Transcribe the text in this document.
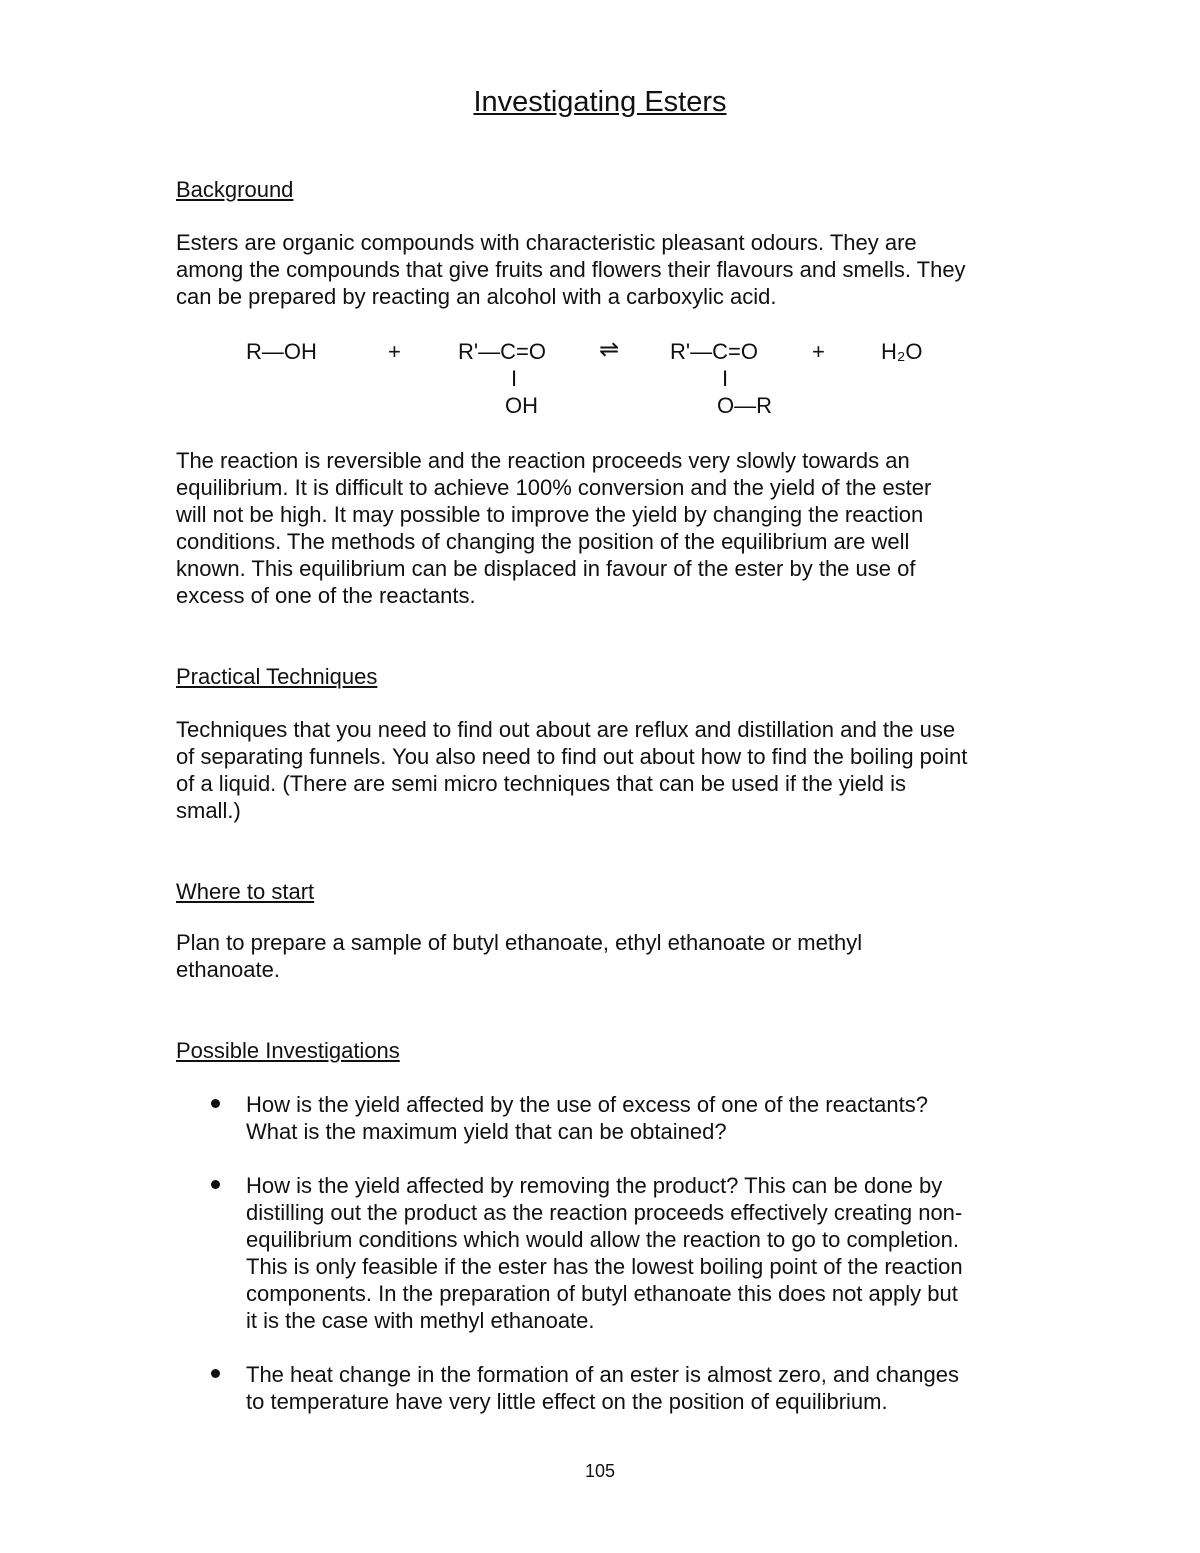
Investigating Esters
Background
Esters are organic compounds with characteristic pleasant odours. They are
among the compounds that give fruits and flowers their flavours and smells. They
can be prepared by reacting an alcohol with a carboxylic acid.
R—OH	+	R'—C=O
I
OH
⇌ R'—C=O
I
O—R
+	H₂O
The reaction is reversible and the reaction proceeds very slowly towards an
equilibrium. It is difficult to achieve 100% conversion and the yield of the ester
will not be high. It may possible to improve the yield by changing the reaction
conditions. The methods of changing the position of the equilibrium are well
known. This equilibrium can be displaced in favour of the ester by the use of
excess of one of the reactants.
Practical Techniques
Techniques that you need to find out about are reflux and distillation and the use
of separating funnels. You also need to find out about how to find the boiling point
of a liquid. (There are semi micro techniques that can be used if the yield is
small.)
Where to start
Plan to prepare a sample of butyl ethanoate, ethyl ethanoate or methyl
ethanoate.
Possible Investigations
How is the yield affected by the use of excess of one of the reactants?
What is the maximum yield that can be obtained?
How is the yield affected by removing the product? This can be done by
distilling out the product as the reaction proceeds effectively creating non-
equilibrium conditions which would allow the reaction to go to completion.
This is only feasible if the ester has the lowest boiling point of the reaction
components. In the preparation of butyl ethanoate this does not apply but
it is the case with methyl ethanoate.
The heat change in the formation of an ester is almost zero, and changes
to temperature have very little effect on the position of equilibrium.
105
